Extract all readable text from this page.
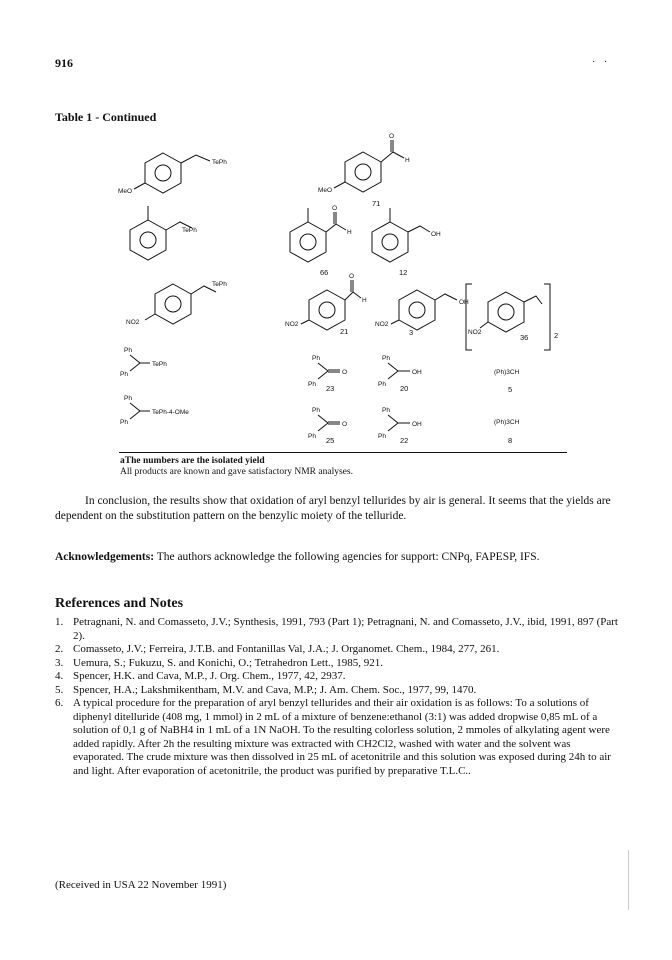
916	· ·
Table 1 - Continued
TePh
MeO
O
H
MeO
71
TePh
O
H
66
OH
12
TePh
NO2
O
H
NO2
21
OH
NO2
3	NO2	2
36
Ph
Ph
TePh
Ph
Ph
O
23
Ph
Ph
OH
20
(Ph)3CH
5
Ph
Ph
TePh-4-OMe	Ph
Ph
O
25
Ph
Ph
OH
22
(Ph)3CH
8
aThe numbers are the isolated yield
All products are known and gave satisfactory NMR analyses.
In conclusion, the results show that oxidation of aryl benzyl tellurides by air is general. It seems that the yields are dependent on the substitution pattern on the benzylic moiety of the telluride.
Acknowledgements: The authors acknowledge the following agencies for support: CNPq, FAPESP, IFS.
References and Notes
1. Petragnani, N. and Comasseto, J.V.; Synthesis, 1991, 793 (Part 1); Petragnani, N. and Comasseto, J.V., ibid, 1991, 897 (Part 2).
2. Comasseto, J.V.; Ferreira, J.T.B. and Fontanillas Val, J.A.; J. Organomet. Chem., 1984, 277, 261.
3. Uemura, S.; Fukuzu, S. and Konichi, O.; Tetrahedron Lett., 1985, 921.
4. Spencer, H.K. and Cava, M.P., J. Org. Chem., 1977, 42, 2937.
5. Spencer, H.A.; Lakshmikentham, M.V. and Cava, M.P.; J. Am. Chem. Soc., 1977, 99, 1470.
6. A typical procedure for the preparation of aryl benzyl tellurides and their air oxidation is as follows: To a solutions of diphenyl ditelluride (408 mg, 1 mmol) in 2 mL of a mixture of benzene:ethanol (3:1) was added dropwise 0,85 mL of a solution of 0,1 g of NaBH4 in 1 mL of a 1N NaOH. To the resulting colorless solution, 2 mmoles of alkylating agent were added rapidly. After 2h the resulting mixture was extracted with CH2Cl2, washed with water and the solvent was evaporated. The crude mixture was then dissolved in 25 mL of acetonitrile and this solution was exposed during 24h to air and light. After evaporation of acetonitrile, the product was purified by preparative T.L.C..
(Received in USA 22 November 1991)
